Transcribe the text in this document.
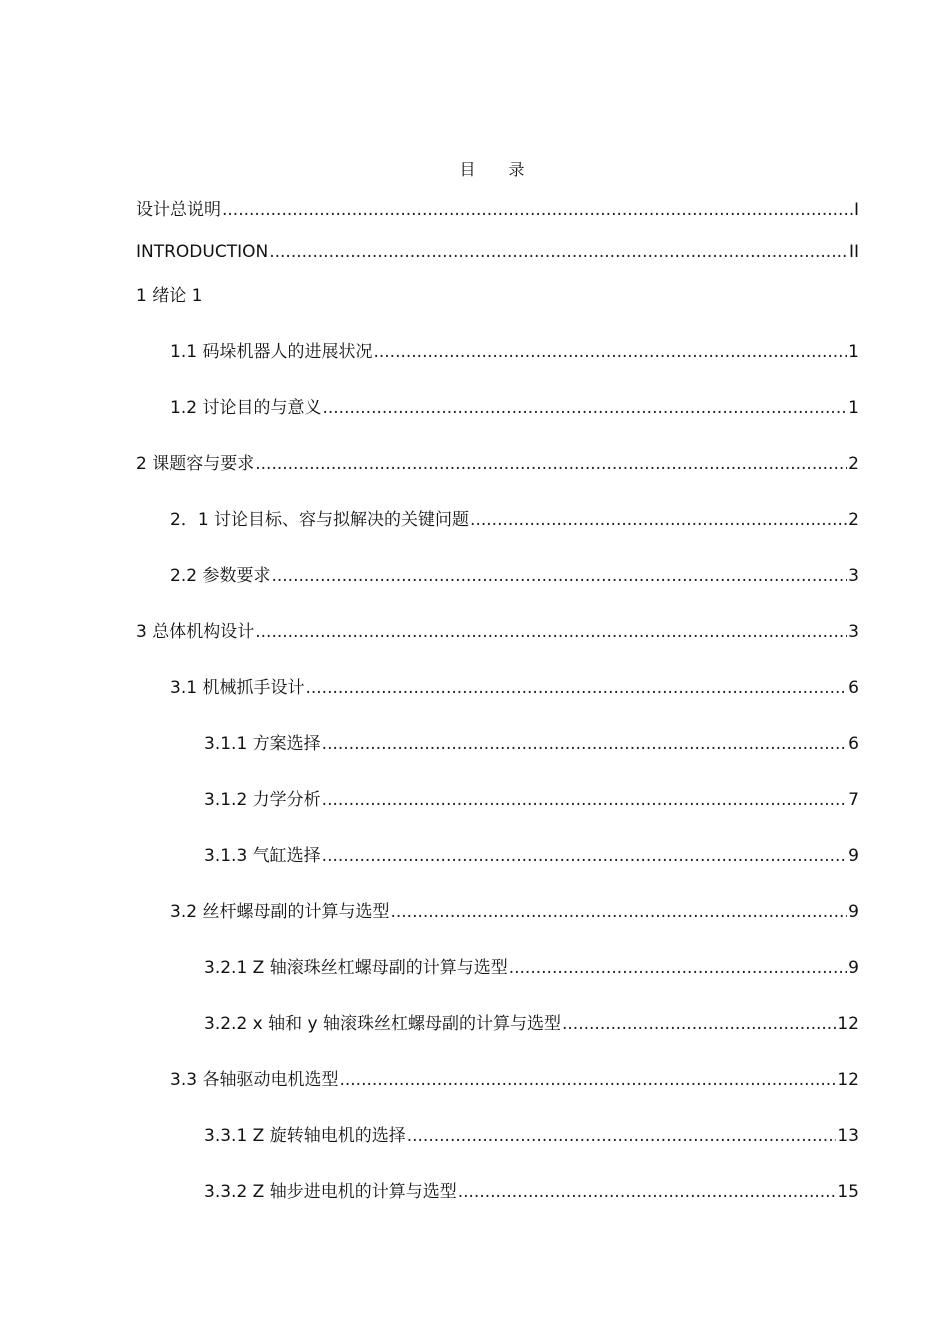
目 录
设计总说明 .....	I
INTRODUCTION .....	II
1 绪论 1
1.1 码垛机器人的进展状况 .....	1
1.2 讨论目的与意义 .....	1
2 课题容与要求 .....	2
2．1 讨论目标、容与拟解决的关键问题 .....	2
2.2 参数要求 .....	3
3 总体机构设计 .....	3
3.1 机械抓手设计 .....	6
3.1.1 方案选择 .....	6
3.1.2 力学分析 .....	7
3.1.3 气缸选择 .....	9
3.2 丝杆螺母副的计算与选型 .....	9
3.2.1 Z 轴滚珠丝杠螺母副的计算与选型 .....	9
3.2.2 x 轴和 y 轴滚珠丝杠螺母副的计算与选型 .....	12
3.3 各轴驱动电机选型 .....	12
3.3.1 Z 旋转轴电机的选择 .....	13
3.3.2 Z 轴步进电机的计算与选型 .....	15
